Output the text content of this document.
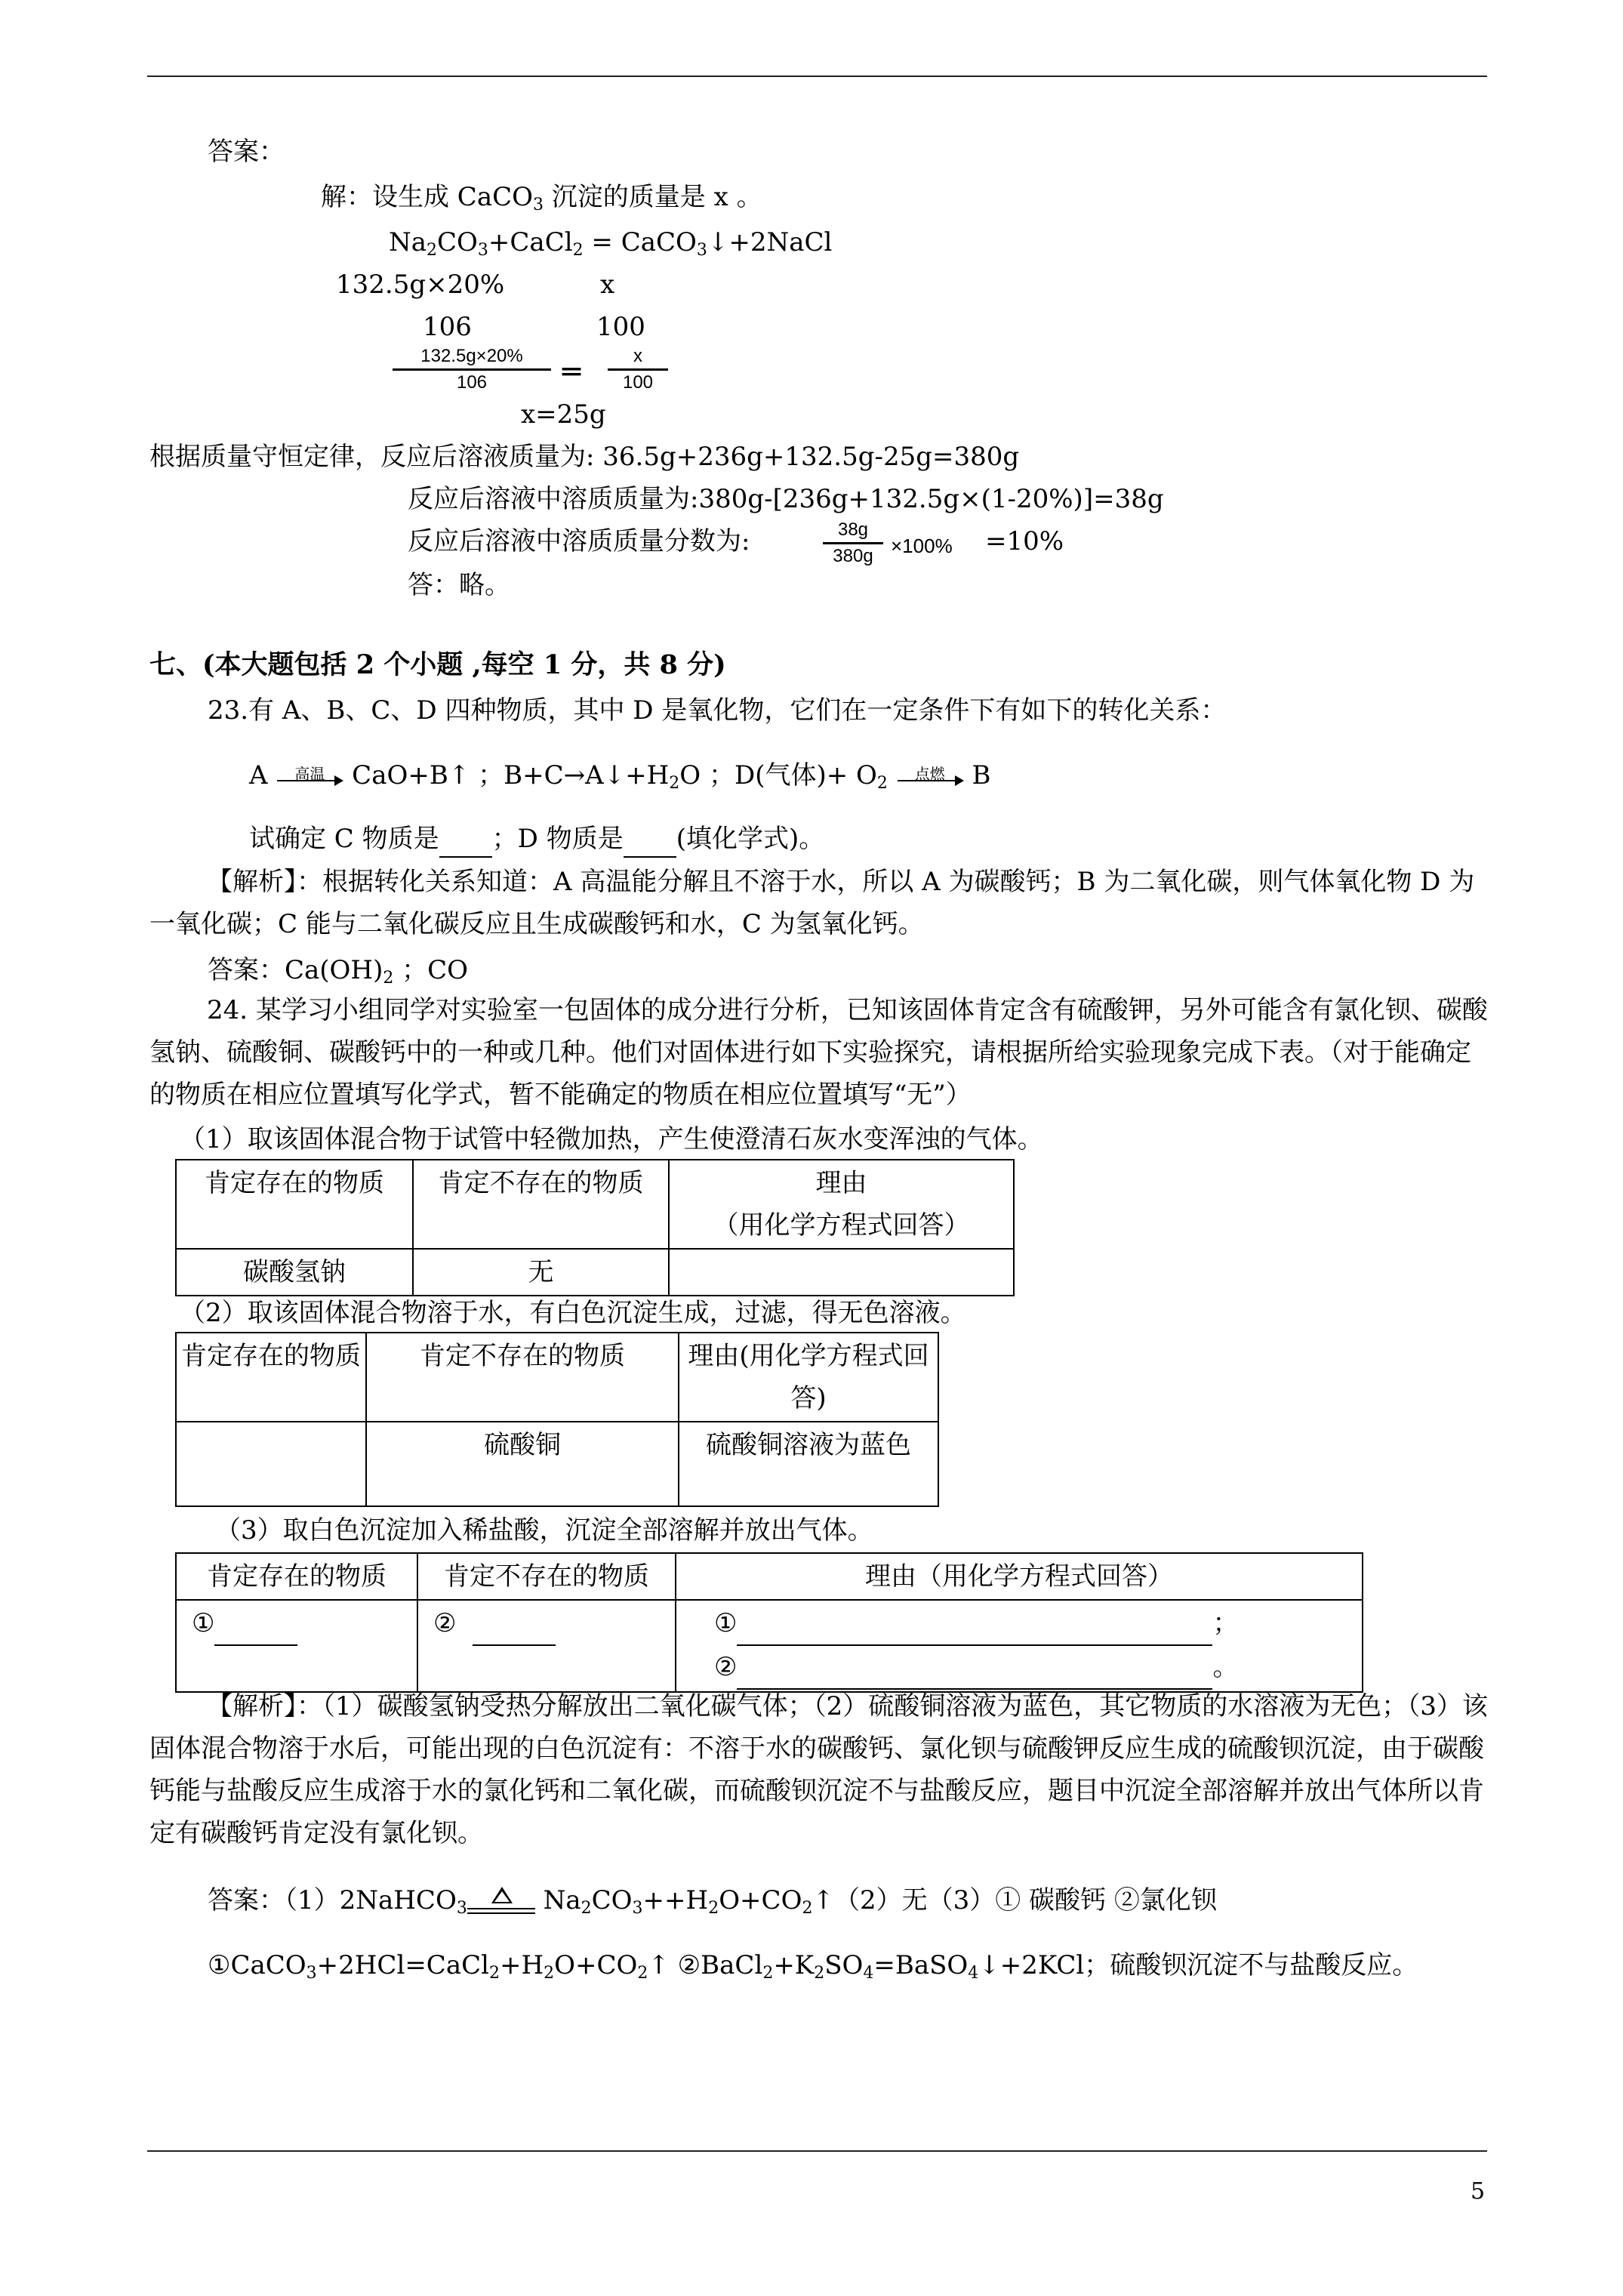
答案：
解：设生成 CaCO$_3$ 沉淀的质量是 x 。
$Na_2CO_3+CaCl_2$ = CaCO$_3$↓+2NaCl
132.5g×20%	x
106	100
132.5g×20%
106	═	x
100
x=25g
根据质量守恒定律，反应后溶液质量为: 36.5g+236g+132.5g-25g=380g
反应后溶液中溶质质量为:380g-[236g+132.5g×(1-20%)]=38g
反应后溶液中溶质质量分数为:	38g
380g ×100% =10%
答：略。
七、(本大题包括 2 个小题 ,每空 1 分，共 8 分)
23.有 A、B、C、D 四种物质，其中 D 是氧化物，它们在一定条件下有如下的转化关系：
A	高温 CaO+B↑ ；$B+C\to A↓+H_2O$ ；D(气体)+ $O_2$	点燃 B
试确定 C 物质是 ；D 物质是 (填化学式)。
【解析】：根据转化关系知道：A 高温能分解且不溶于水，所以 A 为碳酸钙；B 为二氧化碳，则气体氧化物 D 为一氧化碳；C 能与二氧化碳反应且生成碳酸钙和水，C 为氢氧化钙。
答案：$Ca(OH)_2$ ；CO
24. 某学习小组同学对实验室一包固体的成分进行分析，已知该固体肯定含有硫酸钾，另外可能含有氯化钡、碳酸氢钠、硫酸铜、碳酸钙中的一种或几种。他们对固体进行如下实验探究，请根据所给实验现象完成下表。（对于能确定的物质在相应位置填写化学式，暂不能确定的物质在相应位置填写“无”）
（1）取该固体混合物于试管中轻微加热，产生使澄清石灰水变浑浊的气体。
肯定存在的物质	肯定不存在的物质	理由
（用化学方程式回答）

碳酸氢钠	无	
（2）取该固体混合物溶于水，有白色沉淀生成，过滤，得无色溶液。
肯定存在的物质	肯定不存在的物质	理由(用化学方程式回答)
	硫酸铜	硫酸铜溶液为蓝色
（3）取白色沉淀加入稀盐酸，沉淀全部溶解并放出气体。
肯定存在的物质	肯定不存在的物质	理由（用化学方程式回答）
①	②	① ；
② 。
【解析】：（1）碳酸氢钠受热分解放出二氧化碳气体；（2）硫酸铜溶液为蓝色，其它物质的水溶液为无色；（3）该固体混合物溶于水后，可能出现的白色沉淀有：不溶于水的碳酸钙、氯化钡与硫酸钾反应生成的硫酸钡沉淀，由于碳酸钙能与盐酸反应生成溶于水的氯化钙和二氧化碳，而硫酸钡沉淀不与盐酸反应，题目中沉淀全部溶解并放出气体所以肯定有碳酸钙肯定没有氯化钡。
答案：（1）2NaHCO$_3$	$Na_2CO_3++H_2O+CO_2↑(2)$无（3）① 碳酸钙 ②氯化钡
$①CaCO_3+2HCl=CaCl_2+H_2O+CO_2↑$ $②BaCl_2+K_2SO_4=BaSO_4↓+2KCl$；硫酸钡沉淀不与盐酸反应。
5
